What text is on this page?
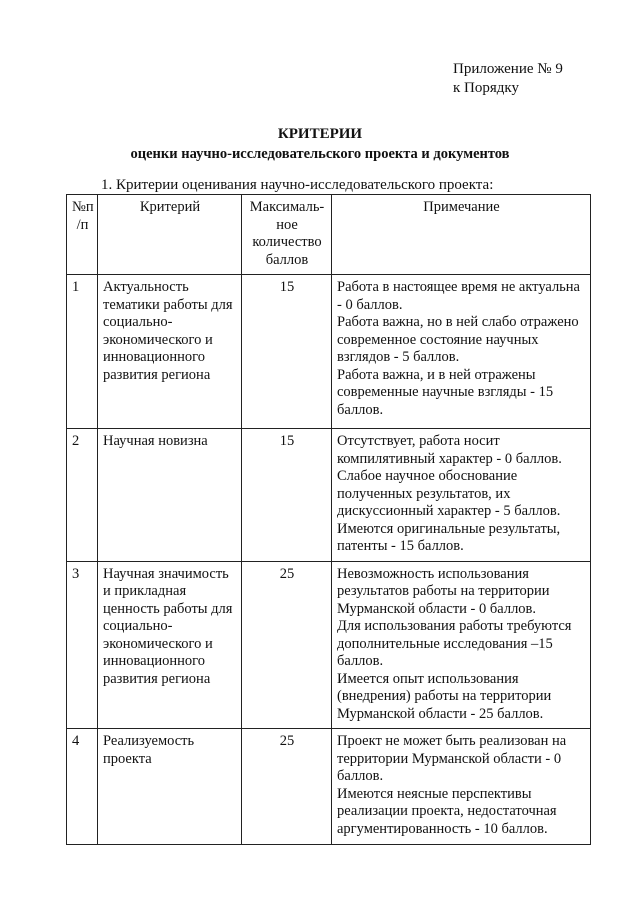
Приложение № 9
к Порядку
КРИТЕРИИ
оценки научно-исследовательского проекта и документов
1. Критерии оценивания научно-исследовательского проекта:
№п /п	Критерий	Максималь-ное количество баллов	Примечание
1	Актуальность тематики работы для социально-экономического и инновационного развития региона	15	Работа в настоящее время не актуальна - 0 баллов.
Работа важна, но в ней слабо отражено современное состояние научных взглядов - 5 баллов.
Работа важна, и в ней отражены современные научные взгляды - 15 баллов.

2	Научная новизна	15	Отсутствует, работа носит компилятивный характер - 0 баллов.
Слабое научное обоснование полученных результатов, их дискуссионный характер - 5 баллов.
Имеются оригинальные результаты, патенты - 15 баллов.

3	Научная значимость и прикладная ценность работы для социально-экономического и инновационного развития региона	25	Невозможность использования результатов работы на территории Мурманской области - 0 баллов.
Для использования работы требуются дополнительные исследования –15 баллов.
Имеется опыт использования (внедрения) работы на территории Мурманской области - 25 баллов.

4	Реализуемость проекта	25	Проект не может быть реализован на территории Мурманской области - 0 баллов.
Имеются неясные перспективы реализации проекта, недостаточная аргументированность - 10 баллов.
